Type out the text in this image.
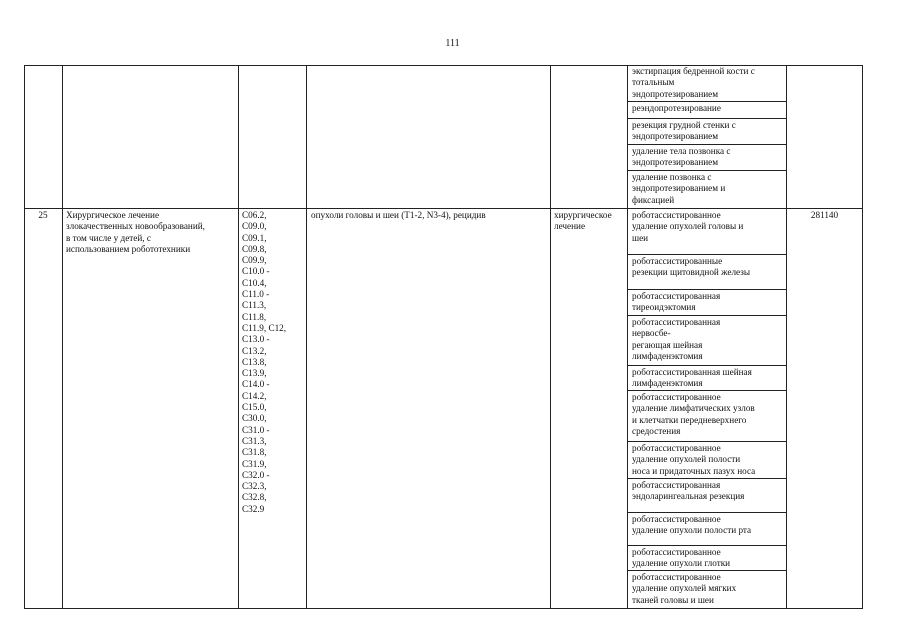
111
экстирпация бедренной кости с
тотальным
эндопротезированием
реэндопротезирование
резекция грудной стенки с
эндопротезированием
удаление тела позвонка с
эндопротезированием
удаление позвонка с
эндопротезированием и
фиксацией
25	Хирургическое лечение
злокачественных новообразований,
в том числе у детей, с
использованием робототехники
C06.2,
C09.0,
C09.1,
C09.8,
C09.9,
C10.0 -
C10.4,
C11.0 -
C11.3,
C11.8,
C11.9, C12,
C13.0 -
C13.2,
C13.8,
C13.9,
C14.0 -
C14.2,
C15.0,
C30.0,
C31.0 -
C31.3,
C31.8,
C31.9,
C32.0 -
C32.3,
C32.8,
C32.9
опухоли головы и шеи (T1-2, N3-4), рецидив	хирургическое
лечение
281140
роботассистированное
удаление опухолей головы и
шеи
роботассистированные
резекции щитовидной железы
роботассистированная
тиреоидэктомия
роботассистированная
нервосбе-
регающая шейная
лимфаденэктомия
роботассистированная шейная
лимфаденэктомия
роботассистированное
удаление лимфатических узлов
и клетчатки передневерхнего
средостения
роботассистированное
удаление опухолей полости
носа и придаточных пазух носа
роботассистированная
эндоларингеальная резекция
роботассистированное
удаление опухоли полости рта
роботассистированное
удаление опухоли глотки
роботассистированное
удаление опухолей мягких
тканей головы и шеи
